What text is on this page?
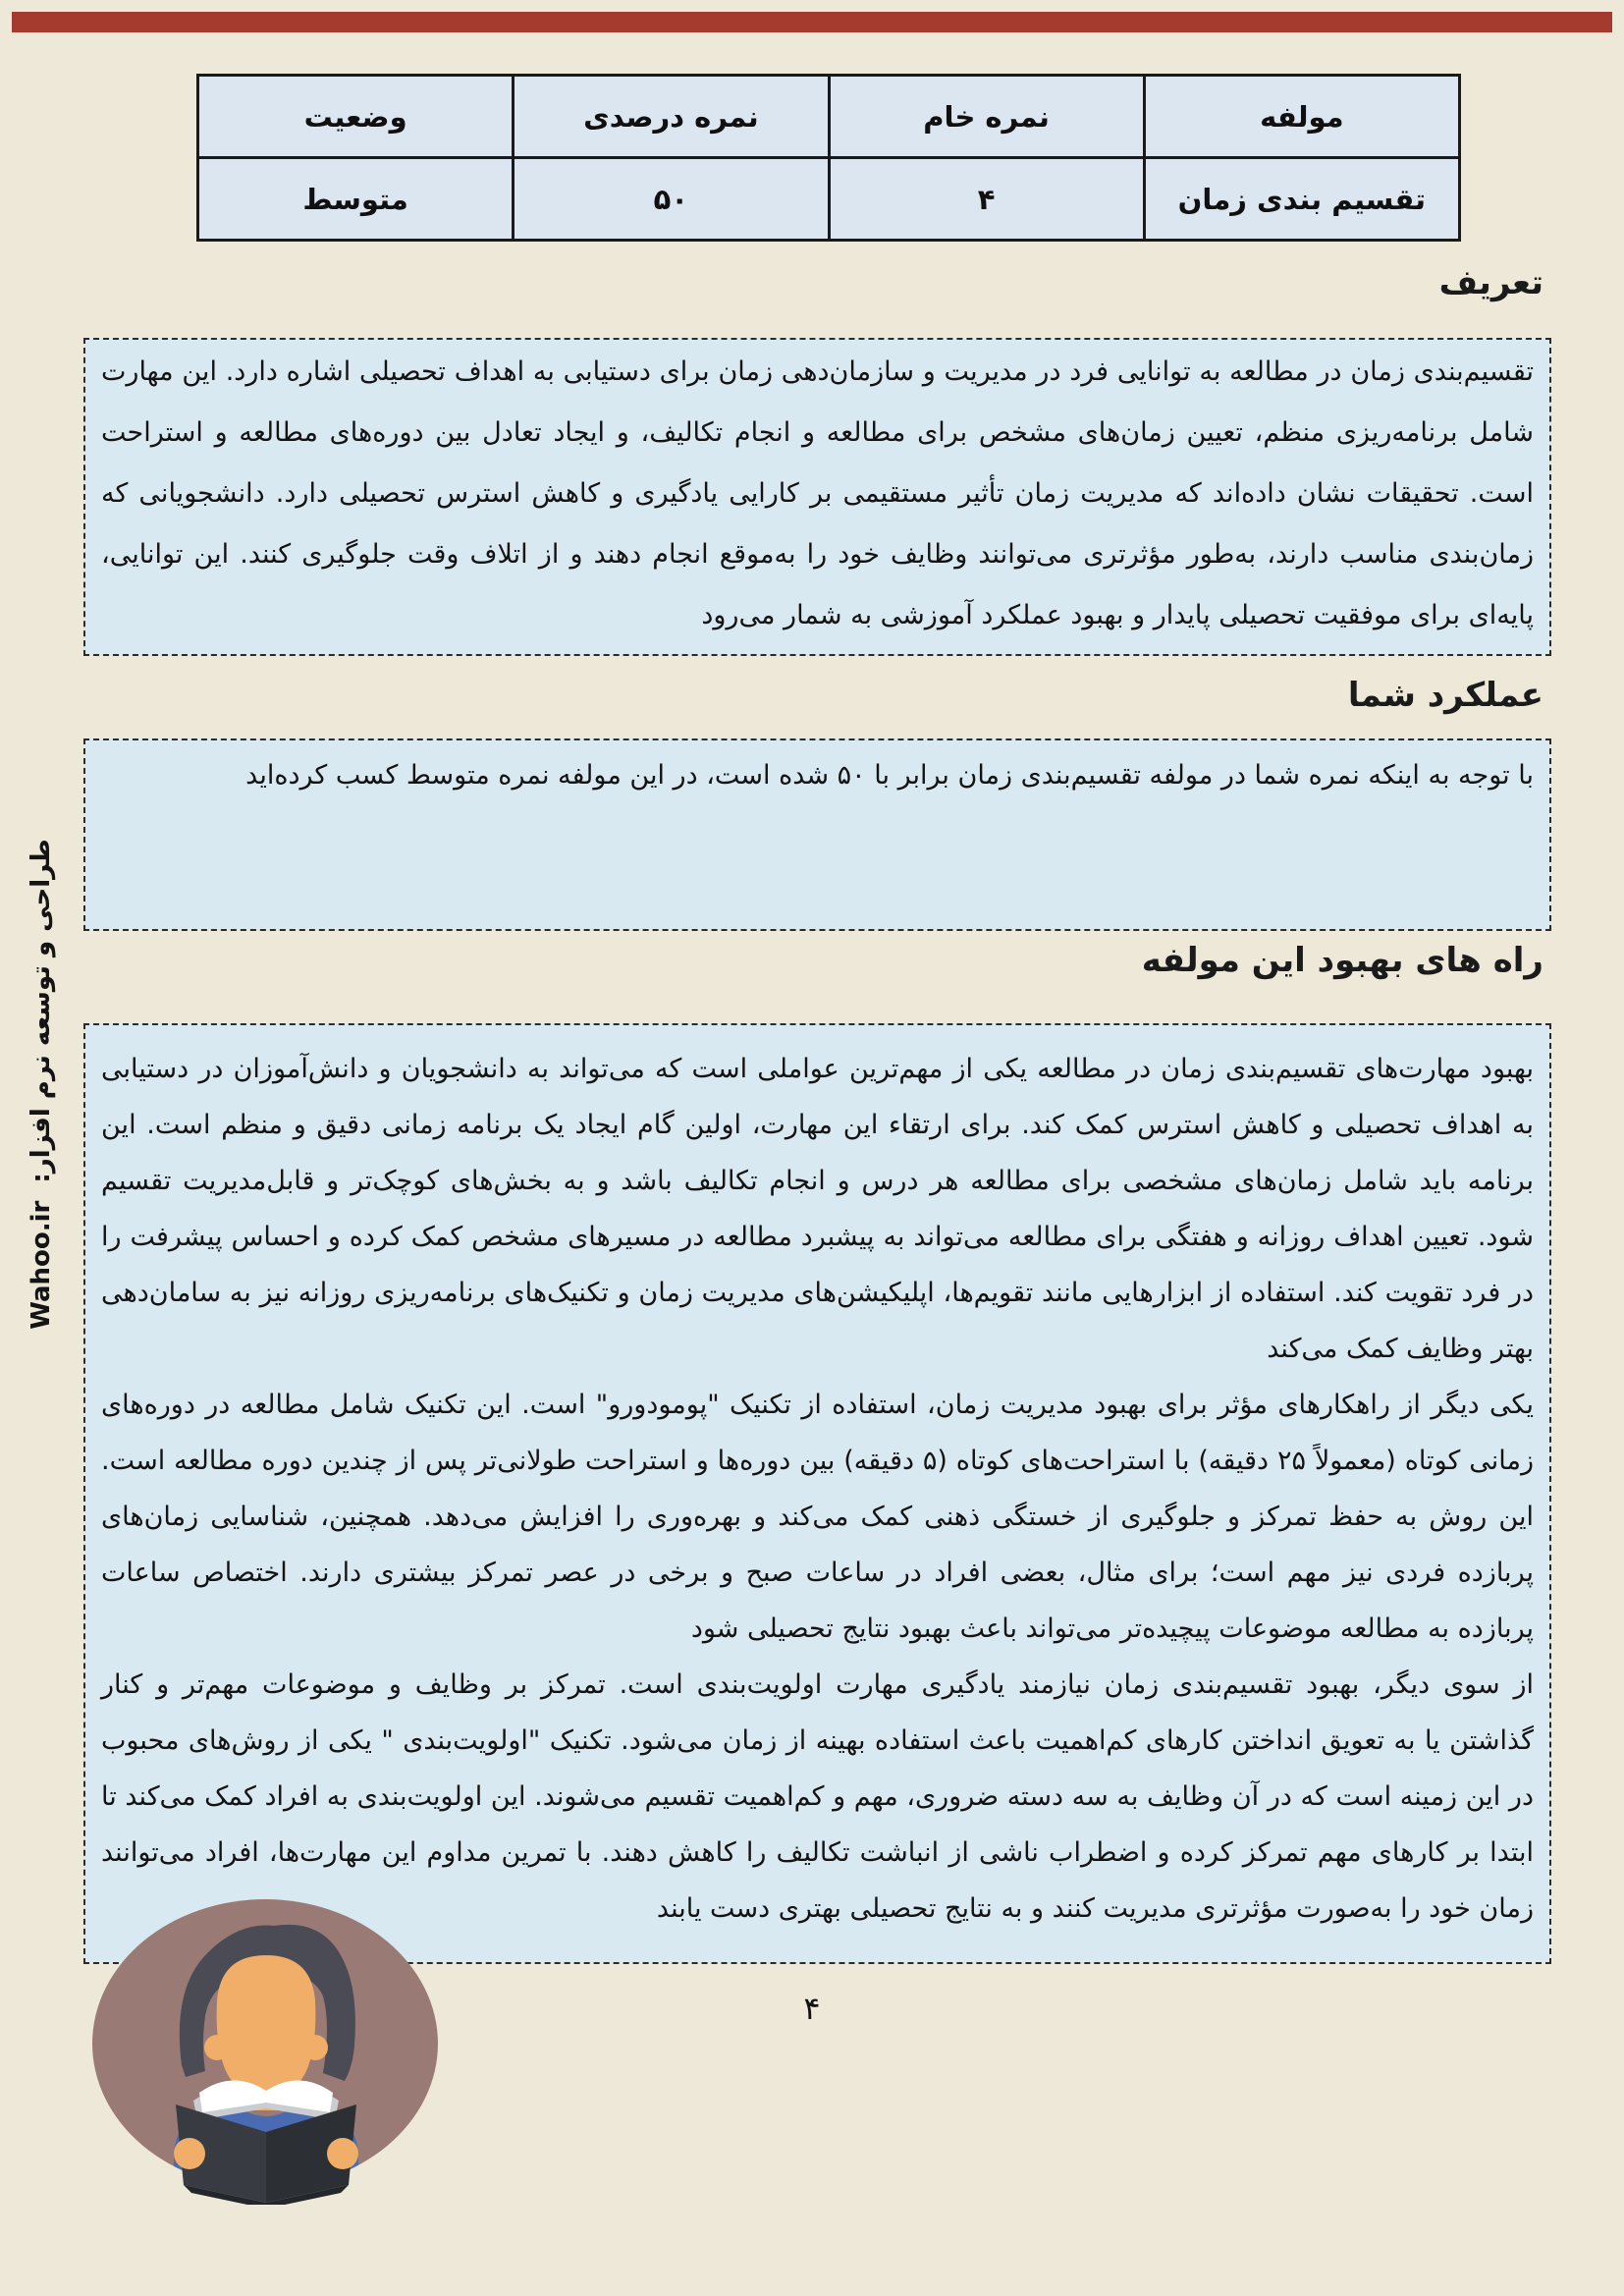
مولفه	نمره خام	نمره درصدی	وضعیت
تقسیم بندی زمان	۴	۵۰	متوسط
تعریف

تقسیم‌بندی زمان در مطالعه به توانایی فرد در مدیریت و سازمان‌دهی زمان برای دستیابی به اهداف تحصیلی اشاره دارد. این مهارت شامل برنامه‌ریزی منظم، تعیین زمان‌های مشخص برای مطالعه و انجام تکالیف، و ایجاد تعادل بین دوره‌های مطالعه و استراحت است. تحقیقات نشان داده‌اند که مدیریت زمان تأثیر مستقیمی بر کارایی یادگیری و کاهش استرس تحصیلی دارد. دانشجویانی که زمان‌بندی مناسب دارند، به‌طور مؤثرتری می‌توانند وظایف خود را به‌موقع انجام دهند و از اتلاف وقت جلوگیری کنند. این توانایی، پایه‌ای برای موفقیت تحصیلی پایدار و بهبود عملکرد آموزشی به شمار می‌رود

عملکرد شما

با توجه به اینکه نمره شما در مولفه تقسیم‌بندی زمان برابر با ۵۰ شده است، در این مولفه نمره متوسط کسب کرده‌اید

راه های بهبود این مولفه

بهبود مهارت‌های تقسیم‌بندی زمان در مطالعه یکی از مهم‌ترین عواملی است که می‌تواند به دانشجویان و دانش‌آموزان در دستیابی به اهداف تحصیلی و کاهش استرس کمک کند. برای ارتقاء این مهارت، اولین گام ایجاد یک برنامه زمانی دقیق و منظم است. این برنامه باید شامل زمان‌های مشخصی برای مطالعه هر درس و انجام تکالیف باشد و به بخش‌های کوچک‌تر و قابل‌مدیریت تقسیم شود. تعیین اهداف روزانه و هفتگی برای مطالعه می‌تواند به پیشبرد مطالعه در مسیرهای مشخص کمک کرده و احساس پیشرفت را در فرد تقویت کند. استفاده از ابزارهایی مانند تقویم‌ها، اپلیکیشن‌های مدیریت زمان و تکنیک‌های برنامه‌ریزی روزانه نیز به سامان‌دهی بهتر وظایف کمک می‌کند

یکی دیگر از راهکارهای مؤثر برای بهبود مدیریت زمان، استفاده از تکنیک "پومودورو" است. این تکنیک شامل مطالعه در دوره‌های زمانی کوتاه (معمولاً ۲۵ دقیقه) با استراحت‌های کوتاه (۵ دقیقه) بین دوره‌ها و استراحت طولانی‌تر پس از چندین دوره مطالعه است. این روش به حفظ تمرکز و جلوگیری از خستگی ذهنی کمک می‌کند و بهره‌وری را افزایش می‌دهد. همچنین، شناسایی زمان‌های پربازده فردی نیز مهم است؛ برای مثال، بعضی افراد در ساعات صبح و برخی در عصر تمرکز بیشتری دارند. اختصاص ساعات پربازده به مطالعه موضوعات پیچیده‌تر می‌تواند باعث بهبود نتایج تحصیلی شود

از سوی دیگر، بهبود تقسیم‌بندی زمان نیازمند یادگیری مهارت اولویت‌بندی است. تمرکز بر وظایف و موضوعات مهم‌تر و کنار گذاشتن یا به تعویق انداختن کارهای کم‌اهمیت باعث استفاده بهینه از زمان می‌شود. تکنیک "اولویت‌بندی " یکی از روش‌های محبوب در این زمینه است که در آن وظایف به سه دسته ضروری، مهم و کم‌اهمیت تقسیم می‌شوند. این اولویت‌بندی به افراد کمک می‌کند تا ابتدا بر کارهای مهم تمرکز کرده و اضطراب ناشی از انباشت تکالیف را کاهش دهند. با تمرین مداوم این مهارت‌ها، افراد می‌توانند زمان خود را به‌صورت مؤثرتری مدیریت کنند و به نتایج تحصیلی بهتری دست یابند

طراحی و توسعه نرم افزار:
Wahoo.ir
۴
